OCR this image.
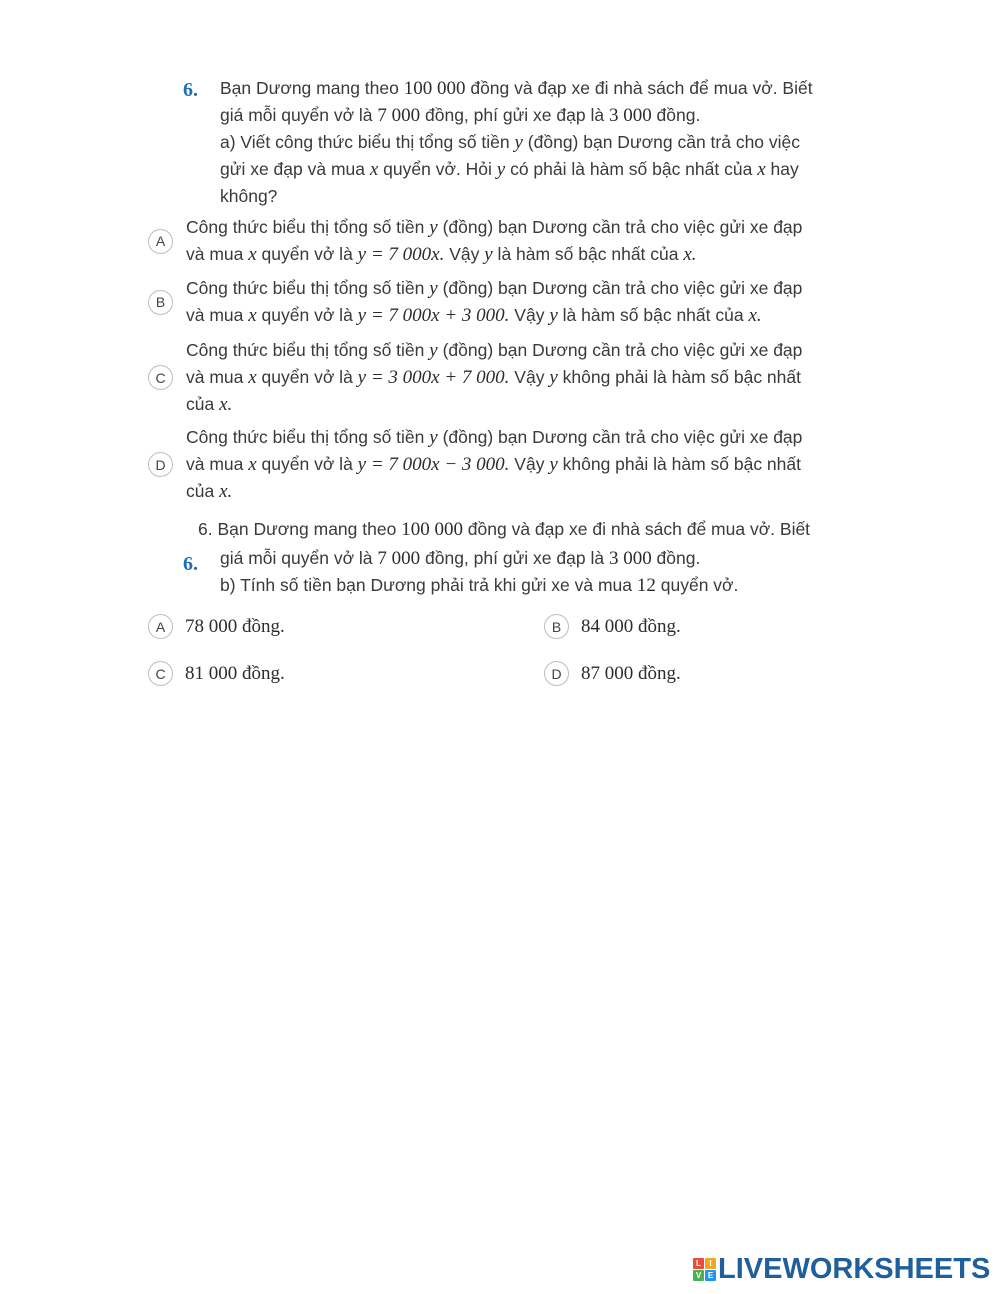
6. Bạn Dương mang theo 100 000 đồng và đạp xe đi nhà sách để mua vở. Biết
giá mỗi quyển vở là 7 000 đồng, phí gửi xe đạp là 3 000 đồng.
a) Viết công thức biểu thị tổng số tiền y (đồng) bạn Dương cần trả cho việc
gửi xe đạp và mua x quyển vở. Hỏi y có phải là hàm số bậc nhất của x hay
không?
A
Công thức biểu thị tổng số tiền y (đồng) bạn Dương cần trả cho việc gửi xe đạp
và mua x quyển vở là y = 7 000x. Vậy y là hàm số bậc nhất của x.
B
Công thức biểu thị tổng số tiền y (đồng) bạn Dương cần trả cho việc gửi xe đạp
và mua x quyển vở là y = 7 000x + 3 000. Vậy y là hàm số bậc nhất của x.
C
Công thức biểu thị tổng số tiền y (đồng) bạn Dương cần trả cho việc gửi xe đạp
và mua x quyển vở là y = 3 000x + 7 000. Vậy y không phải là hàm số bậc nhất
của x.
D
Công thức biểu thị tổng số tiền y (đồng) bạn Dương cần trả cho việc gửi xe đạp
và mua x quyển vở là y = 7 000x − 3 000. Vậy y không phải là hàm số bậc nhất
của x.
6.
6. Bạn Dương mang theo 100 000 đồng và đạp xe đi nhà sách để mua vở. Biết
giá mỗi quyển vở là 7 000 đồng, phí gửi xe đạp là 3 000 đồng.
b) Tính số tiền bạn Dương phải trả khi gửi xe và mua 12 quyển vở.
A	78 000 đồng.	B	84 000 đồng.
C	81 000 đồng.	D	87 000 đồng.
L	I
V E LIVEWORKSHEETS
